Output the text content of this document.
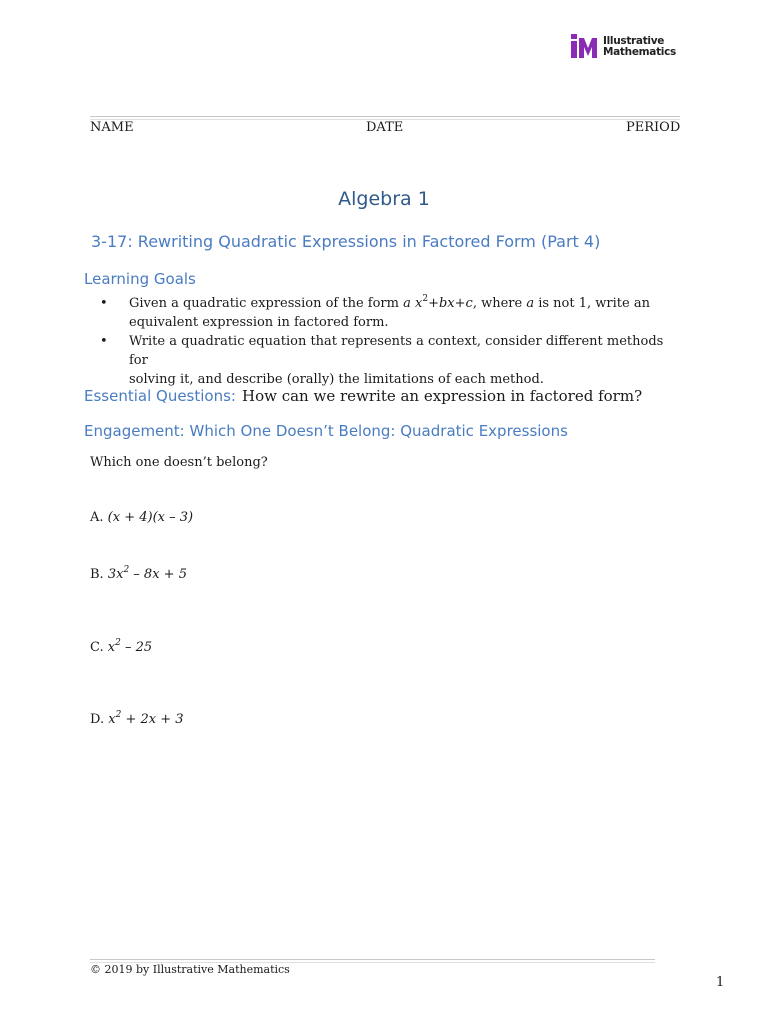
Illustrative
Mathematics
NAME	DATE	PERIOD
Algebra 1
3-17: Rewriting Quadratic Expressions in Factored Form (Part 4)
Learning Goals
• Given a quadratic expression of the form a $x^2+bx+c$, where a is not 1, write an
equivalent expression in factored form.
• Write a quadratic equation that represents a context, consider different methods for
solving it, and describe (orally) the limitations of each method.
Essential Questions: How can we rewrite an expression in factored form?
Engagement: Which One Doesn’t Belong: Quadratic Expressions
Which one doesn’t belong?
A. (x + 4)(x – 3)
B. $3x^2 - 8x + 5$
C. $x^2 - 25$
D. $x^2 + 2x + 3$
© 2019 by Illustrative Mathematics
1
